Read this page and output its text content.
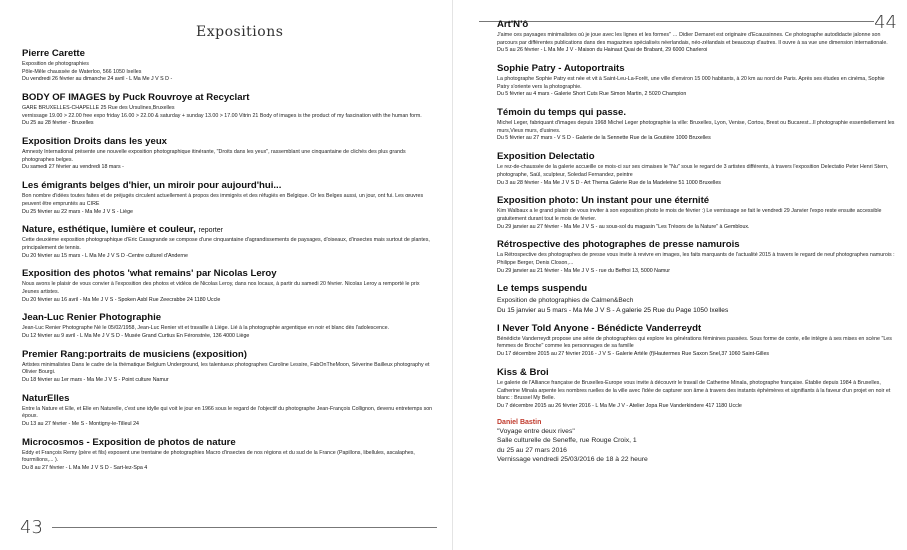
Expositions
Pierre Carette

Exposition de photographies

Pôle-Mêle chaussée de Waterloo, 566 1050 Ixelles

Du vendredi 26 février au dimanche 24 avril - L Ma Me J V S D -

BODY OF IMAGES by Puck Rouvroye at Recyclart

GARE BRUXELLES-CHAPELLE 25 Rue des Ursulines,Bruxelles

vernissage 19.00 > 22.00 free expo friday 16.00 > 22.00 & saturday + sunday 13.00 > 17.00 Vitrin 21 Body of images is the product of my fascination with the human form.

Du 25 au 28 février - Bruxelles

Exposition Droits dans les yeux

Amnesty International présente une nouvelle exposition photographique itinérante, "Droits dans les yeux", rassemblant une cinquantaine de clichés des plus grands photographes belges.

Du samedi 27 février au vendredi 18 mars -

Les émigrants belges d'hier, un miroir pour aujourd'hui...

Bon nombre d'idées toutes faites et de préjugés circulent actuellement à propos des immigrés et des réfugiés en Belgique. Or les Belges aussi, un jour, ont fui. Les œuvres peuvent être empruntés au CIRE

Du 25 février au 22 mars - Ma Me J V S - Liège

Nature, esthétique, lumière et couleur, reporter

Cette deuxième exposition photographique d'Eric Casagrande se compose d'une cinquantaine d'agrandissements de paysages, d'oiseaux, d'insectes mais surtout de plantes, principalement de tennis.

Du 20 février au 15 mars - L Ma Me J V S D -Centre culturel d'Anderne

Exposition des photos 'what remains' par Nicolas Leroy

Nous avons le plaisir de vous convier à l'exposition des photos et vidéos de Nicolas Leroy, dans nos locaux, à partir du samedi 20 février. Nicolas Leroy a remporté le prix Jeunes artistes.

Du 20 février au 16 avril - Ma Me J V S - Spoken Asbl Rue Zeecrabbe 24 1180 Uccle

Jean-Luc Renier Photographie

Jean-Luc Renier Photographe Né le 05/02/1958, Jean-Luc Renier vit et travaille à Liège. Lié à la photographie argentique en noir et blanc dès l'adolescence.

Du 12 février au 9 avril - L Ma Me J V S D - Musée Grand Curtius En Féronstrée, 136 4000 Liège

Premier Rang:portraits de musiciens (exposition)

Artistes minimalistes Dans le cadre de la thématique Belgium Underground, les talentueux photographes Caroline Lessire, FabOnTheMoon, Séverine Bailleux photography et Olivier Bourgi.

Du 18 février au 1er mars - Ma Me J V S - Point culture Namur

NaturElles

Entre la Nature et Elle, et Elle en Naturelle, c'est une idylle qui voit le jour en 1966 sous le regard de l'objectif du photographe Jean-François Collignon, devenu entretemps son époux.

Du 13 au 27 février - Me S - Montigny-le-Tilleul 24

Microcosmos - Exposition de photos de nature

Eddy et François Remy (père et fils) exposent une trentaine de photographies Macro d'insectes de nos régions et du sud de la France (Papillons, libellules, ascalaphes, fourmilions,... ).

Du 8 au 27 février - L Ma Me J V S D - Sart-lez-Spa 4

43
44
Art'N'ô

J'aime ces paysages minimalistes où je joue avec les lignes et les formes" … Didier Demaret est originaire d'Ecaussinnes. Ce photographe autodidacte jalonne son parcours par différentes publications dans des magazines spécialisés néerlandais, néo-zélandais et beaucoup d'autres. Il ouvre à sa vue une dimension internationale.

Du 5 au 26 février - L Ma Me J V - Maison du Hainaut Quai de Brabant, 29 6000 Charleroi

Sophie Patry - Autoportraits

La photographe Sophie Patry est née et vit à Saint-Leu-La-Forêt, une ville d'environ 15 000 habitants, à 20 km au nord de Paris. Après ses études en cinéma, Sophie Patry s'oriente vers la photographie.

Du 5 février au 4 mars - Galerie Short Cuts Rue Simon Martin, 2 5020 Champion

Témoin du temps qui passe.

Michel Leger, fabriquant d'images depuis 1968 Michel Leger photographie la ville: Bruxelles, Lyon, Venise, Cortou, Brest ou Bucarest...Il photographie essentiellement les murs,Vieux murs, d'usines.

Du 5 février au 27 mars - V S D - Galerie de la Sennette Rue de la Goutière 1000 Bruxelles

Exposition Delectatio

Le rez-de-chaussée de la galerie accueille ce mois-ci sur ses cimaises le "Nu" sous le regard de 3 artistes différents, à travers l'exposition Delectatio Peter Henri Stern, photographe, Saül, sculpteur, Soledad Fernandez, peintre

Du 3 au 28 février - Ma Me J V S D - Art Thema Galerie Rue de la Madeleine 51 1000 Bruxelles

Exposition photo: Un instant pour une éternité

Kim Walbaux a le grand plaisir de vous inviter à son exposition photo le mois de février :) Le vernissage se fait le vendredi 29 Janvier l'expo reste ensuite accessible gratuitement durant tout le mois de février.

Du 29 janvier au 27 février - Ma Me J V S - au sous-sol du magasin "Les Trésors de la Nature" à Gembloux.

Rétrospective des photographes de presse namurois

La Rétrospective des photographes de presse vous invite à revivre en images, les faits marquants de l'actualité 2015 à travers le regard de neuf photographes namurois : Philippe Berger, Denis Closon,...

Du 29 janvier au 21 février - Ma Me J V S - rue du Beffroi 13, 5000 Namur

Le temps suspendu

Exposition de photographies de Calmen&Bech

Du 15 janvier au 5 mars - Ma Me J V S - A galerie 25 Rue du Page 1050 Ixelles

I Never Told Anyone - Bénédicte Vanderreydt

Bénédicte Vanderreydt propose une série de photographies qui explore les générations féminines passées. Sous forme de conte, elle intègre à ses mises en scène "Les femmes de Broche" comme les personnages de sa famille

Du 17 décembre 2015 au 27 février 2016 - J V S - Galerie Artéle (f)Hautermes Rue Saxon Snel,37 1060 Saint-Gilles

Kiss & Broi

Le galerie de l'Alliance française de Bruxelles-Europe vous invite à découvrir le travail de Catherine Minala, photographe française. Établie depuis 1984 à Bruxelles, Catherine Minala arpente les nombres ruelles de la ville avec l'idée de capturer son âme à travers des instants éphémères et signifiants à la faveur d'un projet en noir et blanc : Brussel My Belle.

Du 7 décembre 2015 au 26 février 2016 - L Ma Me J V - Atelier Jopa Rue Vanderkindere 417 1180 Uccle

Daniel Bastin

"Voyage entre deux rives"

Salle culturelle de Seneffe, rue Rouge Croix, 1

du 25 au 27 mars 2016

Vernissage vendredi 25/03/2016 de 18 à 22 heure
